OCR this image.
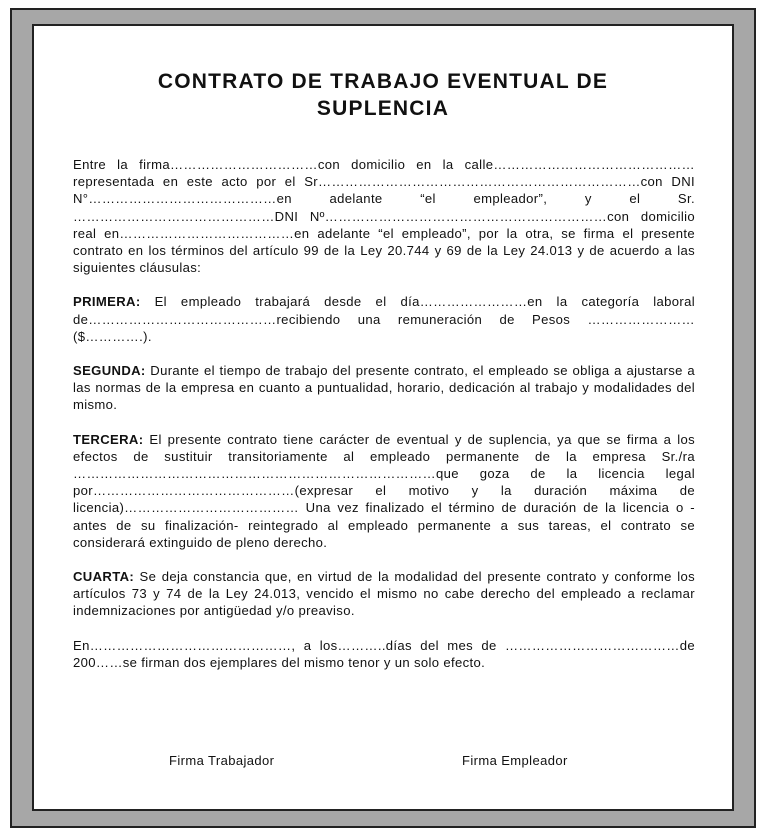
CONTRATO DE TRABAJO EVENTUAL DE
SUPLENCIA

Entre la firma……………………………con domicilio en la calle………………………………………representada en este acto por el Sr………………………………………………………………con DNI N°……………………………………en adelante “el empleador”, y el Sr. ………………………………………DNI Nº………………………………………………………con domicilio real en…………………………………en adelante “el empleado”, por la otra, se firma el presente contrato en los términos del artículo 99 de la Ley 20.744 y 69 de la Ley 24.013 y de acuerdo a las siguientes cláusulas:

PRIMERA: El empleado trabajará desde el día……………………en la categoría laboral de……………………………………recibiendo una remuneración de Pesos …………………… ($………….).

SEGUNDA: Durante el tiempo de trabajo del presente contrato, el empleado se obliga a ajustarse a las normas de la empresa en cuanto a puntualidad, horario, dedicación al trabajo y modalidades del mismo.

TERCERA: El presente contrato tiene carácter de eventual y de suplencia, ya que se firma a los efectos de sustituir transitoriamente al empleado permanente de la empresa Sr./ra ………………………………………………………………………que goza de la licencia legal por………………………………………(expresar el motivo y la duración máxima de licencia)………………………………… Una vez finalizado el término de duración de la licencia o -antes de su finalización- reintegrado al empleado permanente a sus tareas, el contrato se considerará extinguido de pleno derecho.

CUARTA: Se deja constancia que, en virtud de la modalidad del presente contrato y conforme los artículos 73 y 74 de la Ley 24.013, vencido el mismo no cabe derecho del empleado a reclamar indemnizaciones por antigüedad y/o preaviso.

En………………………………………, a los………..días del mes de …………………………………de 200……se firman dos ejemplares del mismo tenor y un solo efecto.

Firma Trabajador	Firma Empleador
